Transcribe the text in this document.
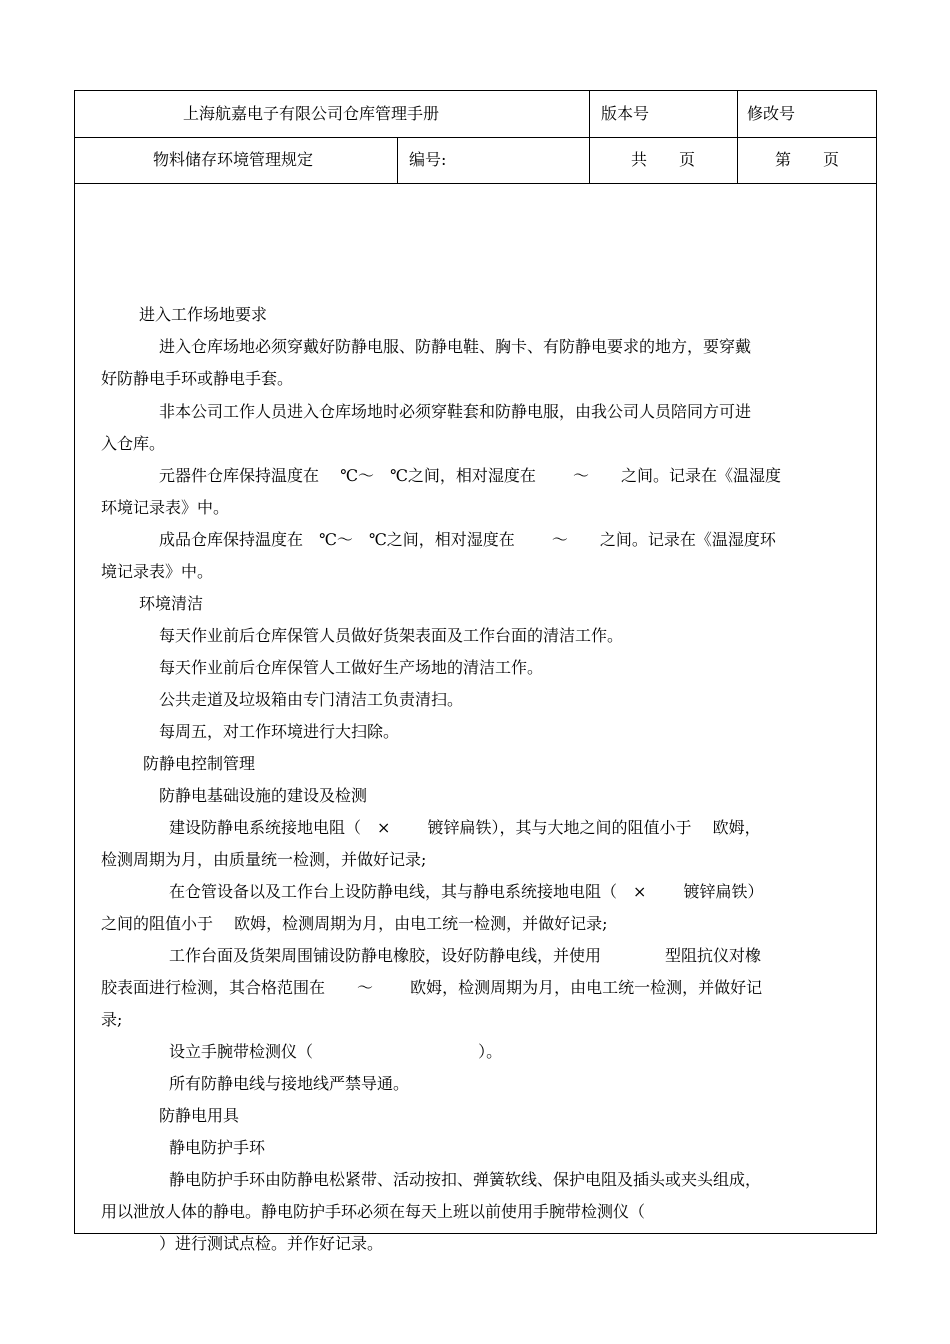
上海航嘉电子有限公司仓库管理手册	版本号	修改号
物料储存环境管理规定	编号:	共　　页	第　　页
进入工作场地要求
进入仓库场地必须穿戴好防静电服、防静电鞋、胸卡、有防静电要求的地方，要穿戴
好防静电手环或静电手套。
非本公司工作人员进入仓库场地时必须穿鞋套和防静电服，由我公司人员陪同方可进
入仓库。
元器件仓库保持温度在　 ℃～　℃之间，相对湿度在　　 ～　　之间。记录在《温湿度
环境记录表》中。
成品仓库保持温度在　℃～　℃之间，相对湿度在　　 ～　　之间。记录在《温湿度环
境记录表》中。
环境清洁
每天作业前后仓库保管人员做好货架表面及工作台面的清洁工作。
每天作业前后仓库保管人工做好生产场地的清洁工作。
公共走道及垃圾箱由专门清洁工负责清扫。
每周五，对工作环境进行大扫除。
防静电控制管理
防静电基础设施的建设及检测
建设防静电系统接地电阻（　×　　 镀锌扁铁），其与大地之间的阻值小于　 欧姆，
检测周期为月，由质量统一检测，并做好记录;
在仓管设备以及工作台上设防静电线，其与静电系统接地电阻（　×　　 镀锌扁铁）
之间的阻值小于　 欧姆，检测周期为月，由电工统一检测，并做好记录;
工作台面及货架周围铺设防静电橡胶，设好防静电线，并使用　　　　型阻抗仪对橡
胶表面进行检测，其合格范围在　　～　　 欧姆，检测周期为月，由电工统一检测，并做好记
录;
设立手腕带检测仪（　　　　　　　　　　 ）。
所有防静电线与接地线严禁导通。
防静电用具
静电防护手环
静电防护手环由防静电松紧带、活动按扣、弹簧软线、保护电阻及插头或夹头组成，
用以泄放人体的静电。静电防护手环必须在每天上班以前使用手腕带检测仪（
）进行测试点检。并作好记录。
